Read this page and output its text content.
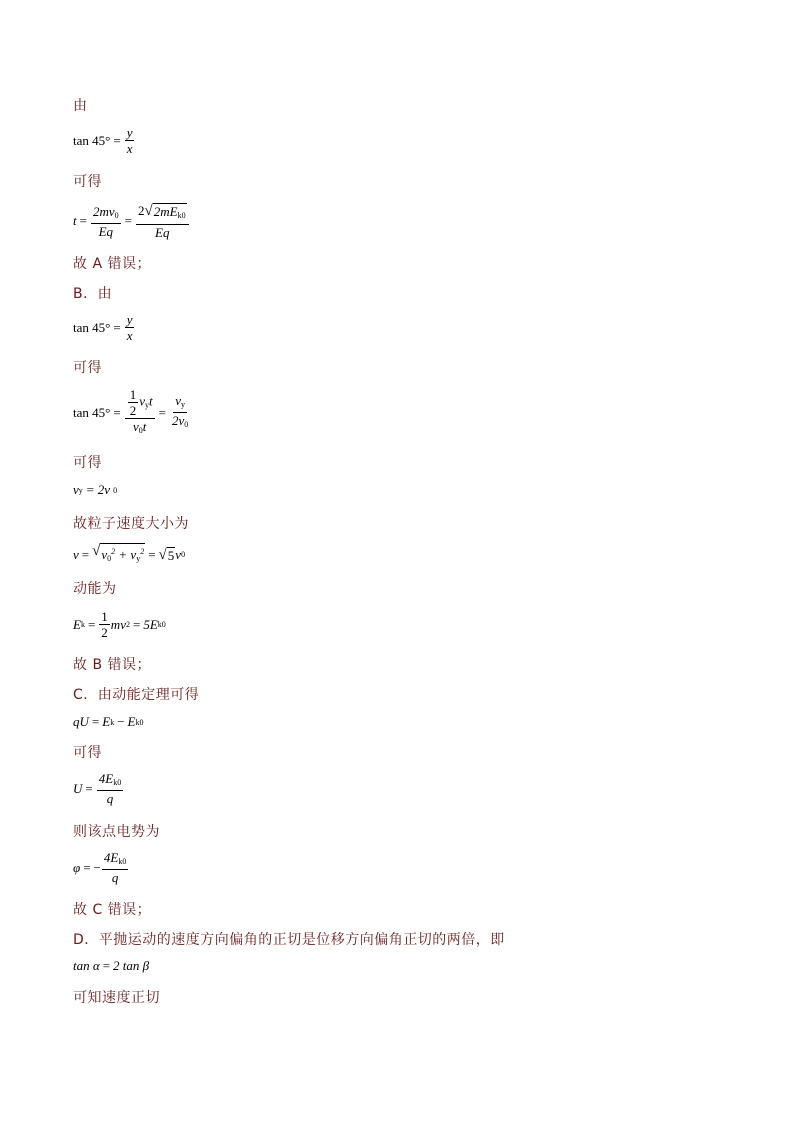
由
$\tan 45^\circ = \frac{y}{x}$
可得
$t = \frac{2mv_0}{Eq} = \frac{2 √ 2mE_{k0}}{Eq}$
故 A 错误；
B．由
$\tan 45^\circ = \frac{y}{x}$
可得
$\tan 45^\circ = \frac{\frac{1}{2} v_yt}{v_0t} = \frac{v_y}{2v_0}$
可得
v y = 2v 0
故粒子速度大小为
v = √ $v_0^2 + v_y^2$ = √ 5 v 0
动能为
E $k = \frac{1}{2}$ m v 2 = 5E k0
故 B 错误；
C．由动能定理可得
qU = E k − E k0
可得
$U = \frac{4E_{k0}}{q}$
则该点电势为
φ = − $\frac{4E_{k0}}{q}$
故 C 错误；
D．平抛运动的速度方向偏角的正切是位移方向偏角正切的两倍，即
tan α = 2 tan β
可知速度正切
